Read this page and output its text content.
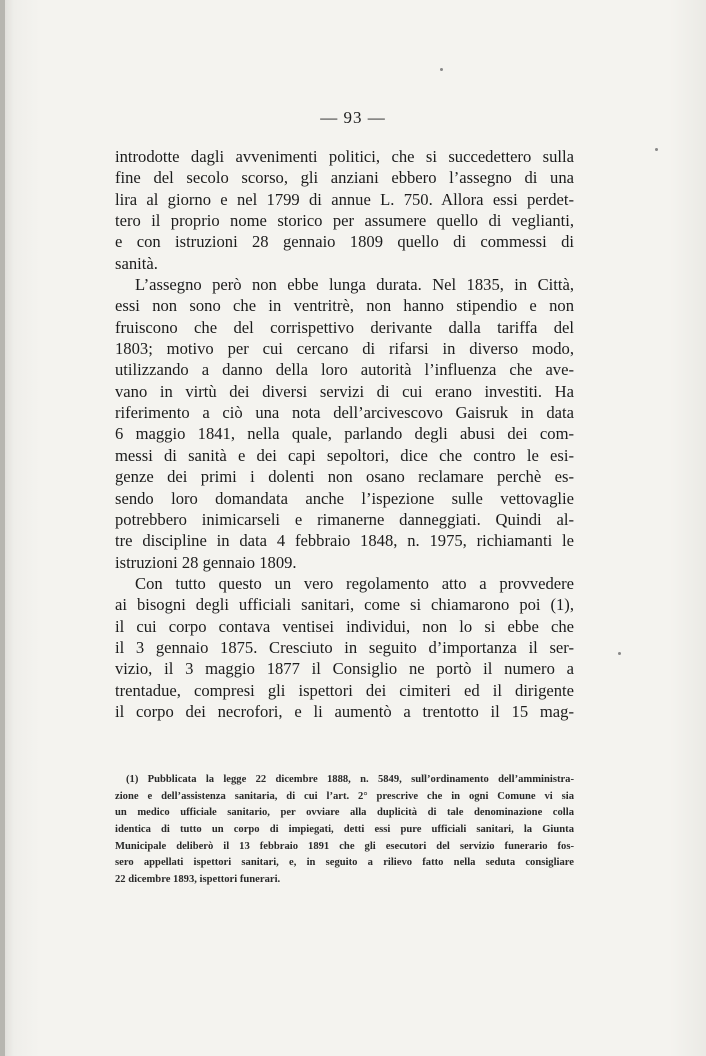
— 93 —
introdotte dagli avvenimenti politici, che si succedettero sulla
fine del secolo scorso, gli anziani ebbero l’assegno di una
lira al giorno e nel 1799 di annue L. 750. Allora essi perdet-
tero il proprio nome storico per assumere quello di veglianti,
e con istruzioni 28 gennaio 1809 quello di commessi di
sanità.
L’assegno però non ebbe lunga durata. Nel 1835, in Città,
essi non sono che in ventritrè, non hanno stipendio e non
fruiscono che del corrispettivo derivante dalla tariffa del
1803; motivo per cui cercano di rifarsi in diverso modo,
utilizzando a danno della loro autorità l’influenza che ave-
vano in virtù dei diversi servizi di cui erano investiti. Ha
riferimento a ciò una nota dell’arcivescovo Gaisruk in data
6 maggio 1841, nella quale, parlando degli abusi dei com-
messi di sanità e dei capi sepoltori, dice che contro le esi-
genze dei primi i dolenti non osano reclamare perchè es-
sendo loro domandata anche l’ispezione sulle vettovaglie
potrebbero inimicarseli e rimanerne danneggiati. Quindi al-
tre discipline in data 4 febbraio 1848, n. 1975, richiamanti le
istruzioni 28 gennaio 1809.
Con tutto questo un vero regolamento atto a provvedere
ai bisogni degli ufficiali sanitari, come si chiamarono poi (1),
il cui corpo contava ventisei individui, non lo si ebbe che
il 3 gennaio 1875. Cresciuto in seguito d’importanza il ser-
vizio, il 3 maggio 1877 il Consiglio ne portò il numero a
trentadue, compresi gli ispettori dei cimiteri ed il dirigente
il corpo dei necrofori, e li aumentò a trentotto il 15 mag-
(1) Pubblicata la legge 22 dicembre 1888, n. 5849, sull’ordinamento dell’amministra-
zione e dell’assistenza sanitaria, di cui l’art. 2° prescrive che in ogni Comune vi sia
un medico ufficiale sanitario, per ovviare alla duplicità di tale denominazione colla
identica di tutto un corpo di impiegati, detti essi pure ufficiali sanitari, la Giunta
Municipale deliberò il 13 febbraio 1891 che gli esecutori del servizio funerario fos-
sero appellati ispettori sanitari, e, in seguito a rilievo fatto nella seduta consigliare
22 dicembre 1893, ispettori funerari.
